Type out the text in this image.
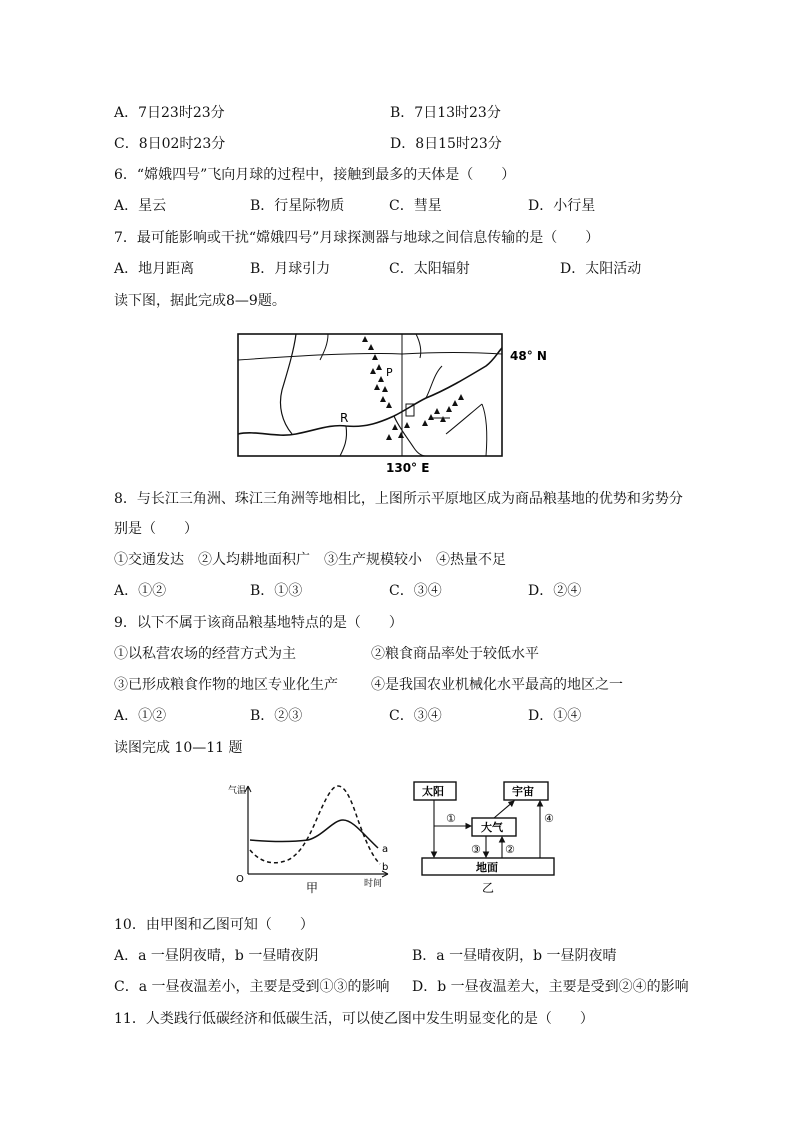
A．7日23时23分	B．7日13时23分
C．8日02时23分	D．8日15时23分
6．“嫦娥四号”飞向月球的过程中，接触到最多的天体是（　　）
A．星云	B．行星际物质	C．彗星	D．小行星
7．最可能影响或干扰“嫦娥四号”月球探测器与地球之间信息传输的是（　　）
A．地月距离	B．月球引力	C．太阳辐射	D．太阳活动
读下图，据此完成8—9题。
P
R
48° N
130° E
8．与长江三角洲、珠江三角洲等地相比，上图所示平原地区成为商品粮基地的优势和劣势分
别是（　　）
①交通发达　②人均耕地面积广　③生产规模较小　④热量不足
A．①②	B．①③	C．③④	D．②④
9．以下不属于该商品粮基地特点的是（　　）
①以私营农场的经营方式为主	②粮食商品率处于较低水平
③已形成粮食作物的地区专业化生产 ④是我国农业机械化水平最高的地区之一
A．①②	B．②③	C．③④	D．①④
读图完成 10—11 题
气温
时间
O
a
b
甲
太阳	宇宙
大气
地面
①
②
③
④
乙
10．由甲图和乙图可知（　　）
A．a 一昼阴夜晴，b 一昼晴夜阴	B．a 一昼晴夜阴，b 一昼阴夜晴
C．a 一昼夜温差小，主要是受到①③的影响 D．b 一昼夜温差大，主要是受到②④的影响
11．人类践行低碳经济和低碳生活，可以使乙图中发生明显变化的是（　　）
